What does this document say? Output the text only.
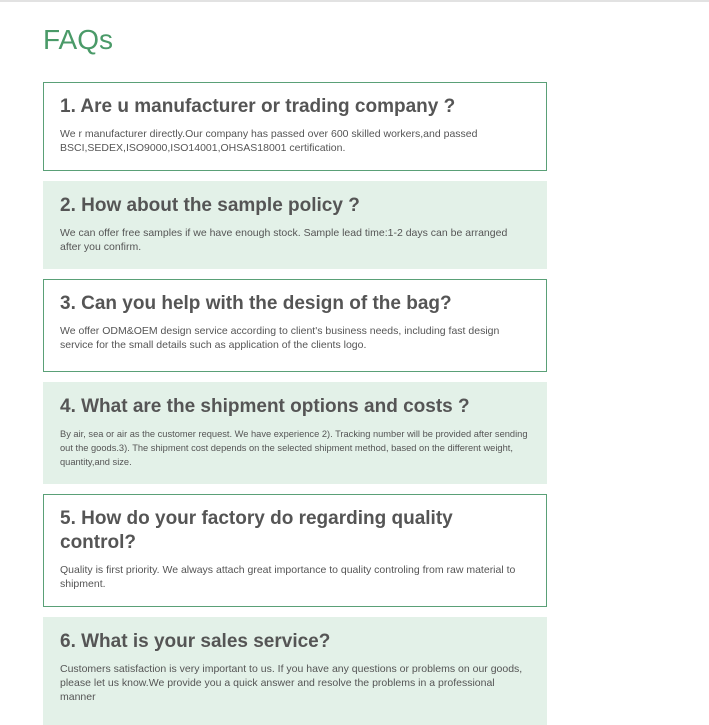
FAQs
1. Are u manufacturer or trading company ?

We r manufacturer directly.Our company has passed over 600 skilled workers,and passed BSCI,SEDEX,ISO9000,ISO14001,OHSAS18001 certification.

2. How about the sample policy ?

We can offer free samples if we have enough stock. Sample lead time:1-2 days can be arranged after you confirm.

3. Can you help with the design of the bag?

We offer ODM&OEM design service according to client's business needs, including fast design service for the small details such as application of the clients logo.

4. What are the shipment options and costs ?

By air, sea or air as the customer request. We have experience 2). Tracking number will be provided after sending out the goods.3). The shipment cost depends on the selected shipment method, based on the different weight, quantity,and size.

5. How do your factory do regarding quality control?

Quality is first priority. We always attach great importance to quality controling from raw material to shipment.

6. What is your sales service?

Customers satisfaction is very important to us. If you have any questions or problems on our goods, please let us know.We provide you a quick answer and resolve the problems in a professional manner
